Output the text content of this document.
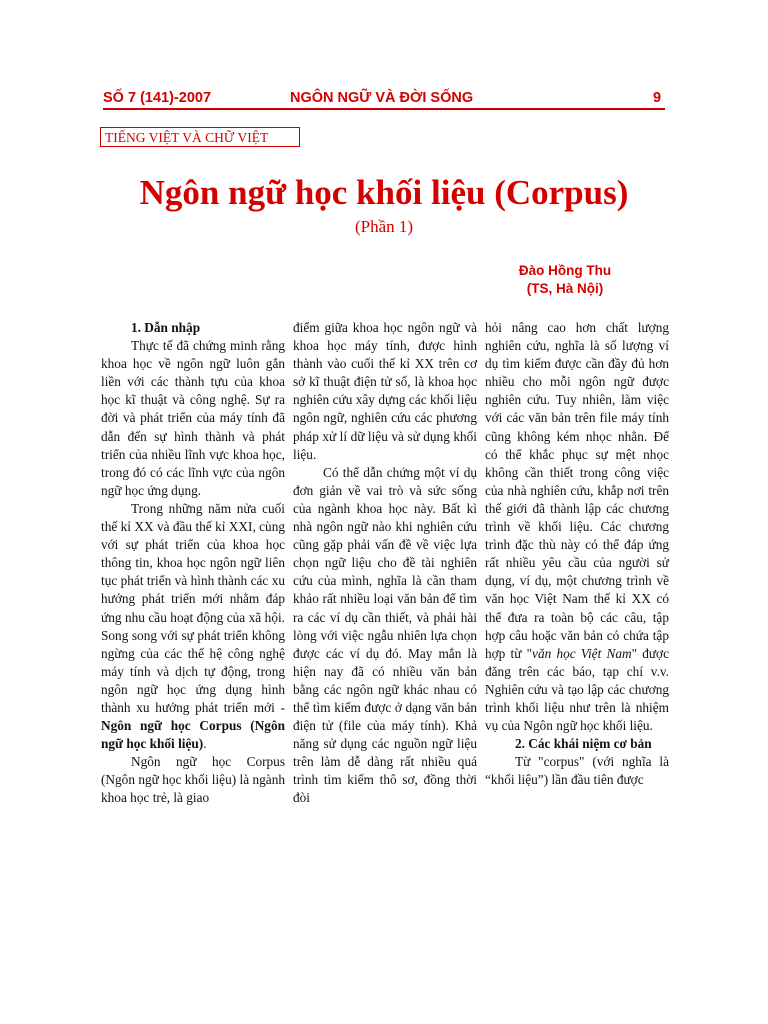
SỐ 7 (141)-2007	NGÔN NGỮ VÀ ĐỜI SỐNG	9
TIẾNG VIỆT VÀ CHỮ VIỆT
Ngôn ngữ học khối liệu (Corpus)
(Phần 1)
Đào Hồng Thu
(TS, Hà Nội)
1. Dẫn nhập

Thực tế đã chứng minh rằng khoa học về ngôn ngữ luôn gắn liền với các thành tựu của khoa học kĩ thuật và công nghệ. Sự ra đời và phát triển của máy tính đã dẫn đến sự hình thành và phát triển của nhiều lĩnh vực khoa học, trong đó có các lĩnh vực của ngôn ngữ học ứng dụng.

Trong những năm nửa cuối thế kỉ XX và đầu thế kỉ XXI, cùng với sự phát triển của khoa học thông tin, khoa học ngôn ngữ liên tục phát triển và hình thành các xu hướng phát triển mới nhằm đáp ứng nhu cầu hoạt động của xã hội. Song song với sự phát triển không ngừng của các thế hệ công nghệ máy tính và dịch tự động, trong ngôn ngữ học ứng dụng hình thành xu hướng phát triển mới - Ngôn ngữ học Corpus (Ngôn ngữ học khối liệu).

Ngôn ngữ học Corpus (Ngôn ngữ học khối liệu) là ngành khoa học trẻ, là giao

điểm giữa khoa học ngôn ngữ và khoa học máy tính, được hình thành vào cuối thế kỉ XX trên cơ sở kĩ thuật điện tử số, là khoa học nghiên cứu xây dựng các khối liệu ngôn ngữ, nghiên cứu các phương pháp xử lí dữ liệu và sử dụng khối liệu.

Có thể dẫn chứng một ví dụ đơn giản về vai trò và sức sống của ngành khoa học này. Bất kì nhà ngôn ngữ nào khi nghiên cứu cũng gặp phải vấn đề về việc lựa chọn ngữ liệu cho đề tài nghiên cứu của mình, nghĩa là cần tham khảo rất nhiều loại văn bản để tìm ra các ví dụ cần thiết, và phải hài lòng với việc ngẫu nhiên lựa chọn được các ví dụ đó. May mắn là hiện nay đã có nhiều văn bản bằng các ngôn ngữ khác nhau có thể tìm kiếm được ở dạng văn bản điện tử (file của máy tính). Khả năng sử dụng các nguồn ngữ liệu trên làm dễ dàng rất nhiều quá trình tìm kiếm thô sơ, đồng thời đòi

hỏi nâng cao hơn chất lượng nghiên cứu, nghĩa là số lượng ví dụ tìm kiếm được cần đầy đủ hơn nhiều cho mỗi ngôn ngữ được nghiên cứu. Tuy nhiên, làm việc với các văn bản trên file máy tính cũng không kém nhọc nhằn. Để có thể khắc phục sự mệt nhọc không cần thiết trong công việc của nhà nghiên cứu, khắp nơi trên thế giới đã thành lập các chương trình về khối liệu. Các chương trình đặc thù này có thể đáp ứng rất nhiều yêu cầu của người sử dụng, ví dụ, một chương trình về văn học Việt Nam thế kỉ XX có thể đưa ra toàn bộ các câu, tập hợp câu hoặc văn bản có chứa tập hợp từ "văn học Việt Nam" được đăng trên các báo, tạp chí v.v. Nghiên cứu và tạo lập các chương trình khối liệu như trên là nhiệm vụ của Ngôn ngữ học khối liệu.

2. Các khái niệm cơ bản

Từ "corpus" (với nghĩa là “khối liệu”) lần đầu tiên được
